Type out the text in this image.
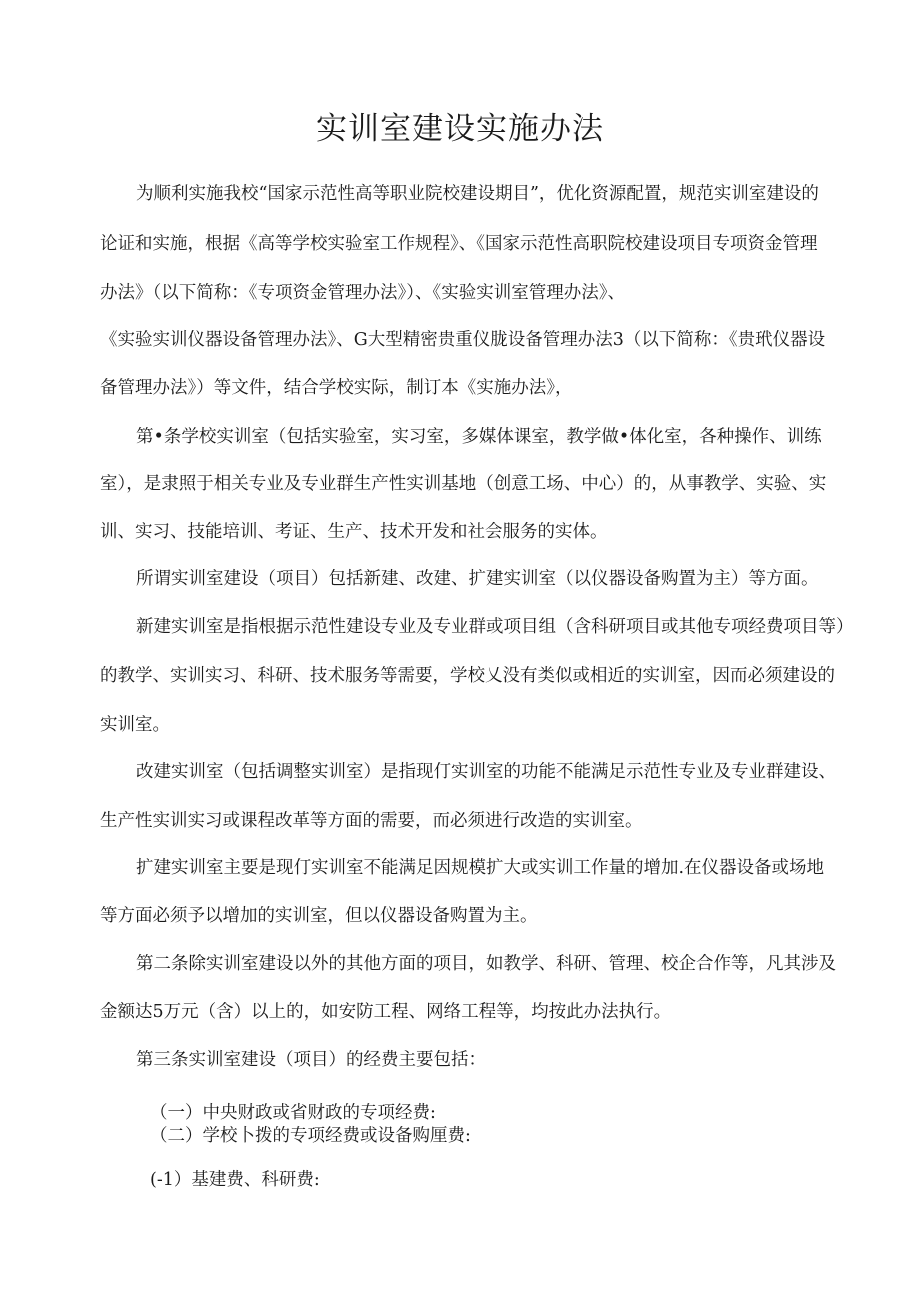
实训室建设实施办法
为顺利实施我校“国家示范性高等职业院校建设期目”，优化资源配置，规范实训室建设的
论证和实施，根据《高等学校实验室工作规程》、《国家示范性高职院校建设项目专项资金管理
办法》（以下简称：《专项资金管理办法》）、《实验实训室管理办法》、
《实验实训仪器设备管理办法》、G大型精密贵重仪胧设备管理办法3（以下简称：《贵玳仪器设
备管理办法》）等文件，结合学校实际，制订本《实施办法》，
第•条学校实训室（包括实验室，实习室，多媒体课室，教学做•体化室，各种操作、训练
室），是隶照于相关专业及专业群生产性实训基地（创意工场、中心）的，从事教学、实验、实
训、实习、技能培训、考证、生产、技术开发和社会服务的实体。
所谓实训室建设（项目）包括新建、改建、扩建实训室（以仪器设备购置为主）等方面。
新建实训室是指根据示范性建设专业及专业群或项目组（含科研项目或其他专项经费项目等）
的教学、实训实习、科研、技术服务等需要，学校乂没有类似或相近的实训室，因而必须建设的
实训室。
改建实训室（包括调整实训室）是指现仃实训室的功能不能满足示范性专业及专业群建设、
生产性实训实习或课程改革等方面的需要，而必须进行改造的实训室。
扩建实训室主要是现仃实训室不能满足因规模扩大或实训工作量的增加.在仪器设备或场地
等方面必须予以增加的实训室，但以仪器设备购置为主。
第二条除实训室建设以外的其他方面的项目，如教学、科研、管理、校企合作等，凡其涉及
金额达5万元（含）以上的，如安防工程、网络工程等，均按此办法执行。
第三条实训室建设（项目）的经费主要包括：
（一）中央财政或省财政的专项经费:
（二）学校卜拨的专项经费或设备购厘费:
(-1）基建费、科研费:
